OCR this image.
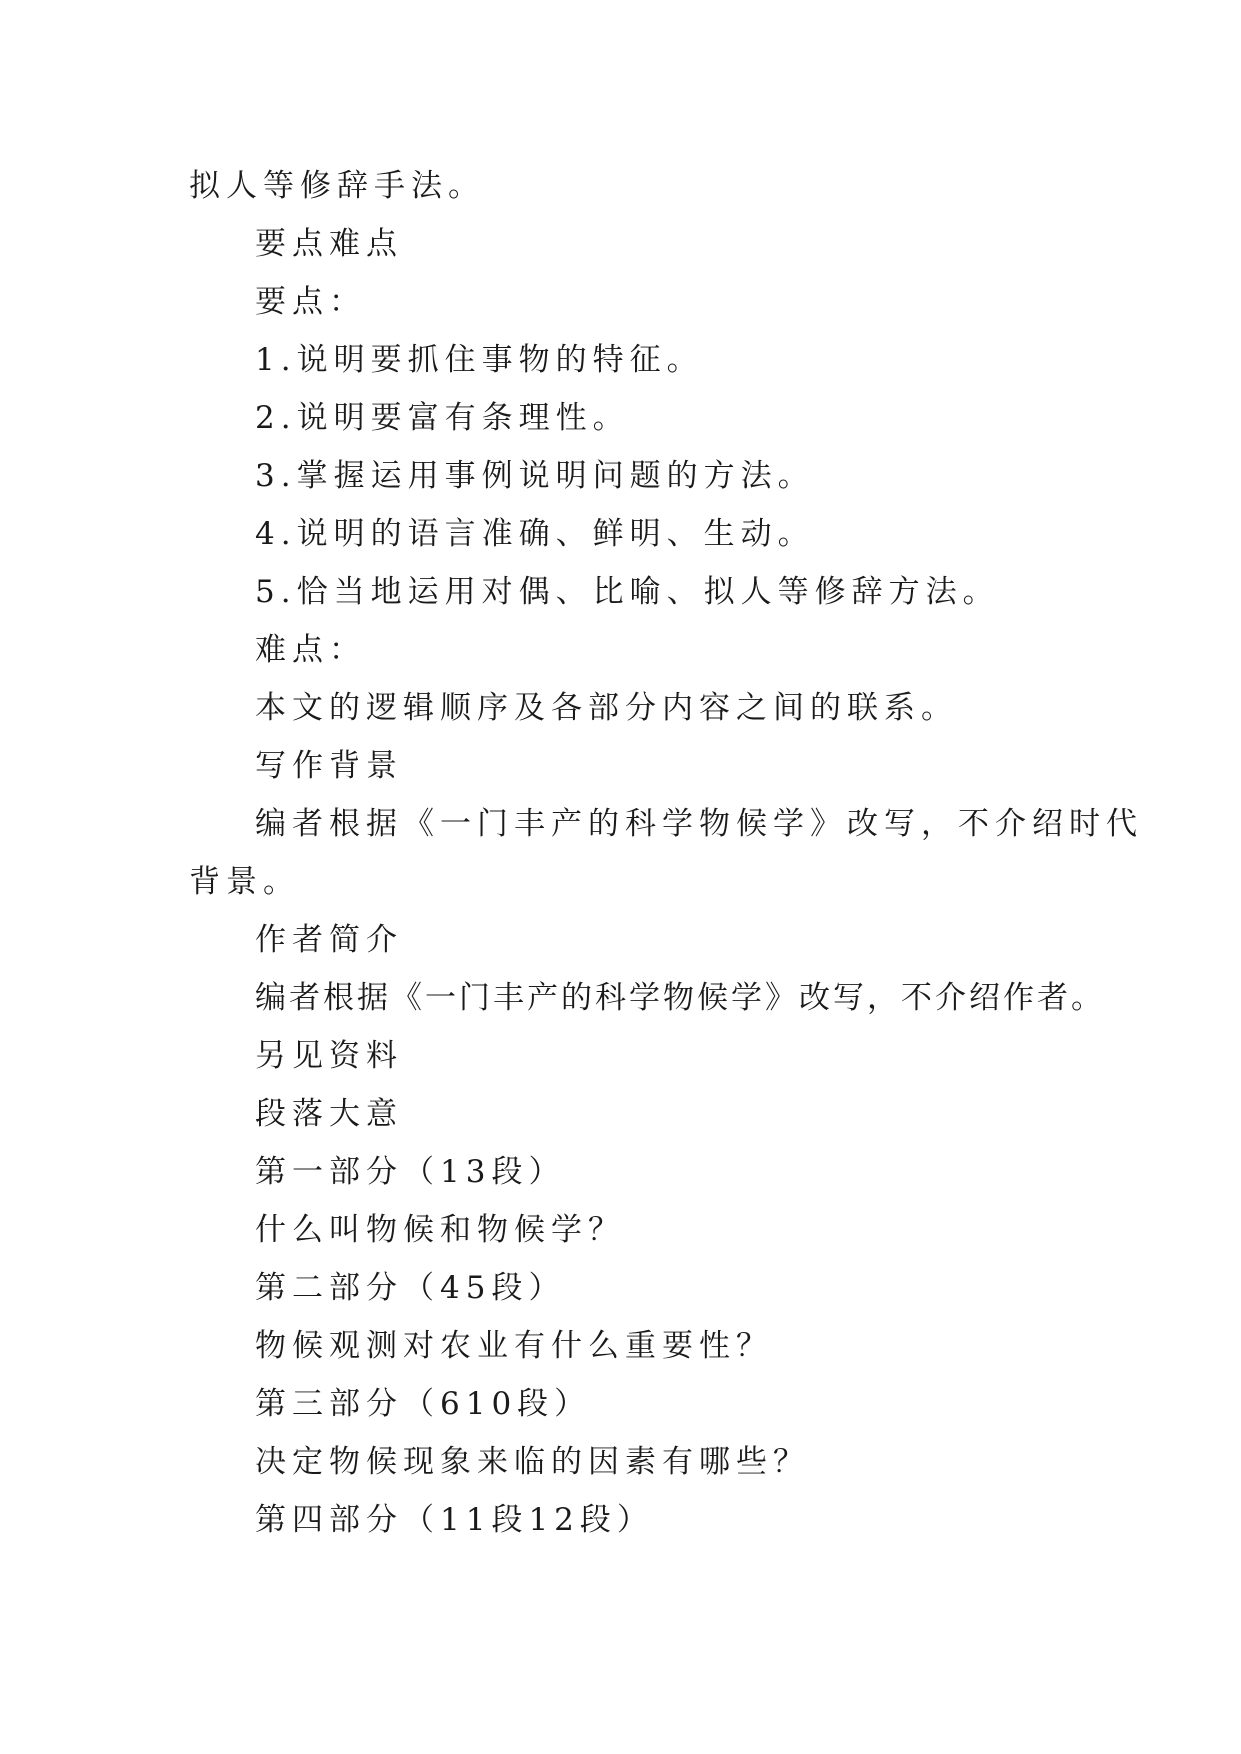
拟人等修辞手法。
要点难点
要点：
1.说明要抓住事物的特征。
2.说明要富有条理性。
3.掌握运用事例说明问题的方法。
4.说明的语言准确、鲜明、生动。
5.恰当地运用对偶、比喻、拟人等修辞方法。
难点：
本文的逻辑顺序及各部分内容之间的联系。
写作背景
编者根据《一门丰产的科学物候学》改写，不介绍时代
背景。
作者简介
编者根据《一门丰产的科学物候学》改写，不介绍作者。
另见资料
段落大意
第一部分（13段）
什么叫物候和物候学？
第二部分（45段）
物候观测对农业有什么重要性？
第三部分（610段）
决定物候现象来临的因素有哪些？
第四部分（11段12段）
